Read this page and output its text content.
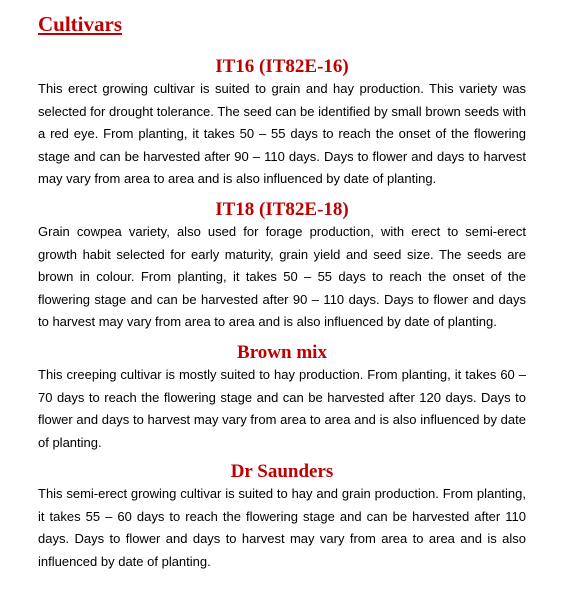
Cultivars
IT16 (IT82E-16)

This erect growing cultivar is suited to grain and hay production. This variety was selected for drought tolerance. The seed can be identified by small brown seeds with a red eye. From planting, it takes 50 – 55 days to reach the onset of the flowering stage and can be harvested after 90 – 110 days. Days to flower and days to harvest may vary from area to area and is also influenced by date of planting.

IT18 (IT82E-18)

Grain cowpea variety, also used for forage production, with erect to semi-erect growth habit selected for early maturity, grain yield and seed size. The seeds are brown in colour. From planting, it takes 50 – 55 days to reach the onset of the flowering stage and can be harvested after 90 – 110 days. Days to flower and days to harvest may vary from area to area and is also influenced by date of planting.

Brown mix

This creeping cultivar is mostly suited to hay production. From planting, it takes 60 – 70 days to reach the flowering stage and can be harvested after 120 days. Days to flower and days to harvest may vary from area to area and is also influenced by date of planting.

Dr Saunders

This semi-erect growing cultivar is suited to hay and grain production. From planting, it takes 55 – 60 days to reach the flowering stage and can be harvested after 110 days. Days to flower and days to harvest may vary from area to area and is also influenced by date of planting.
